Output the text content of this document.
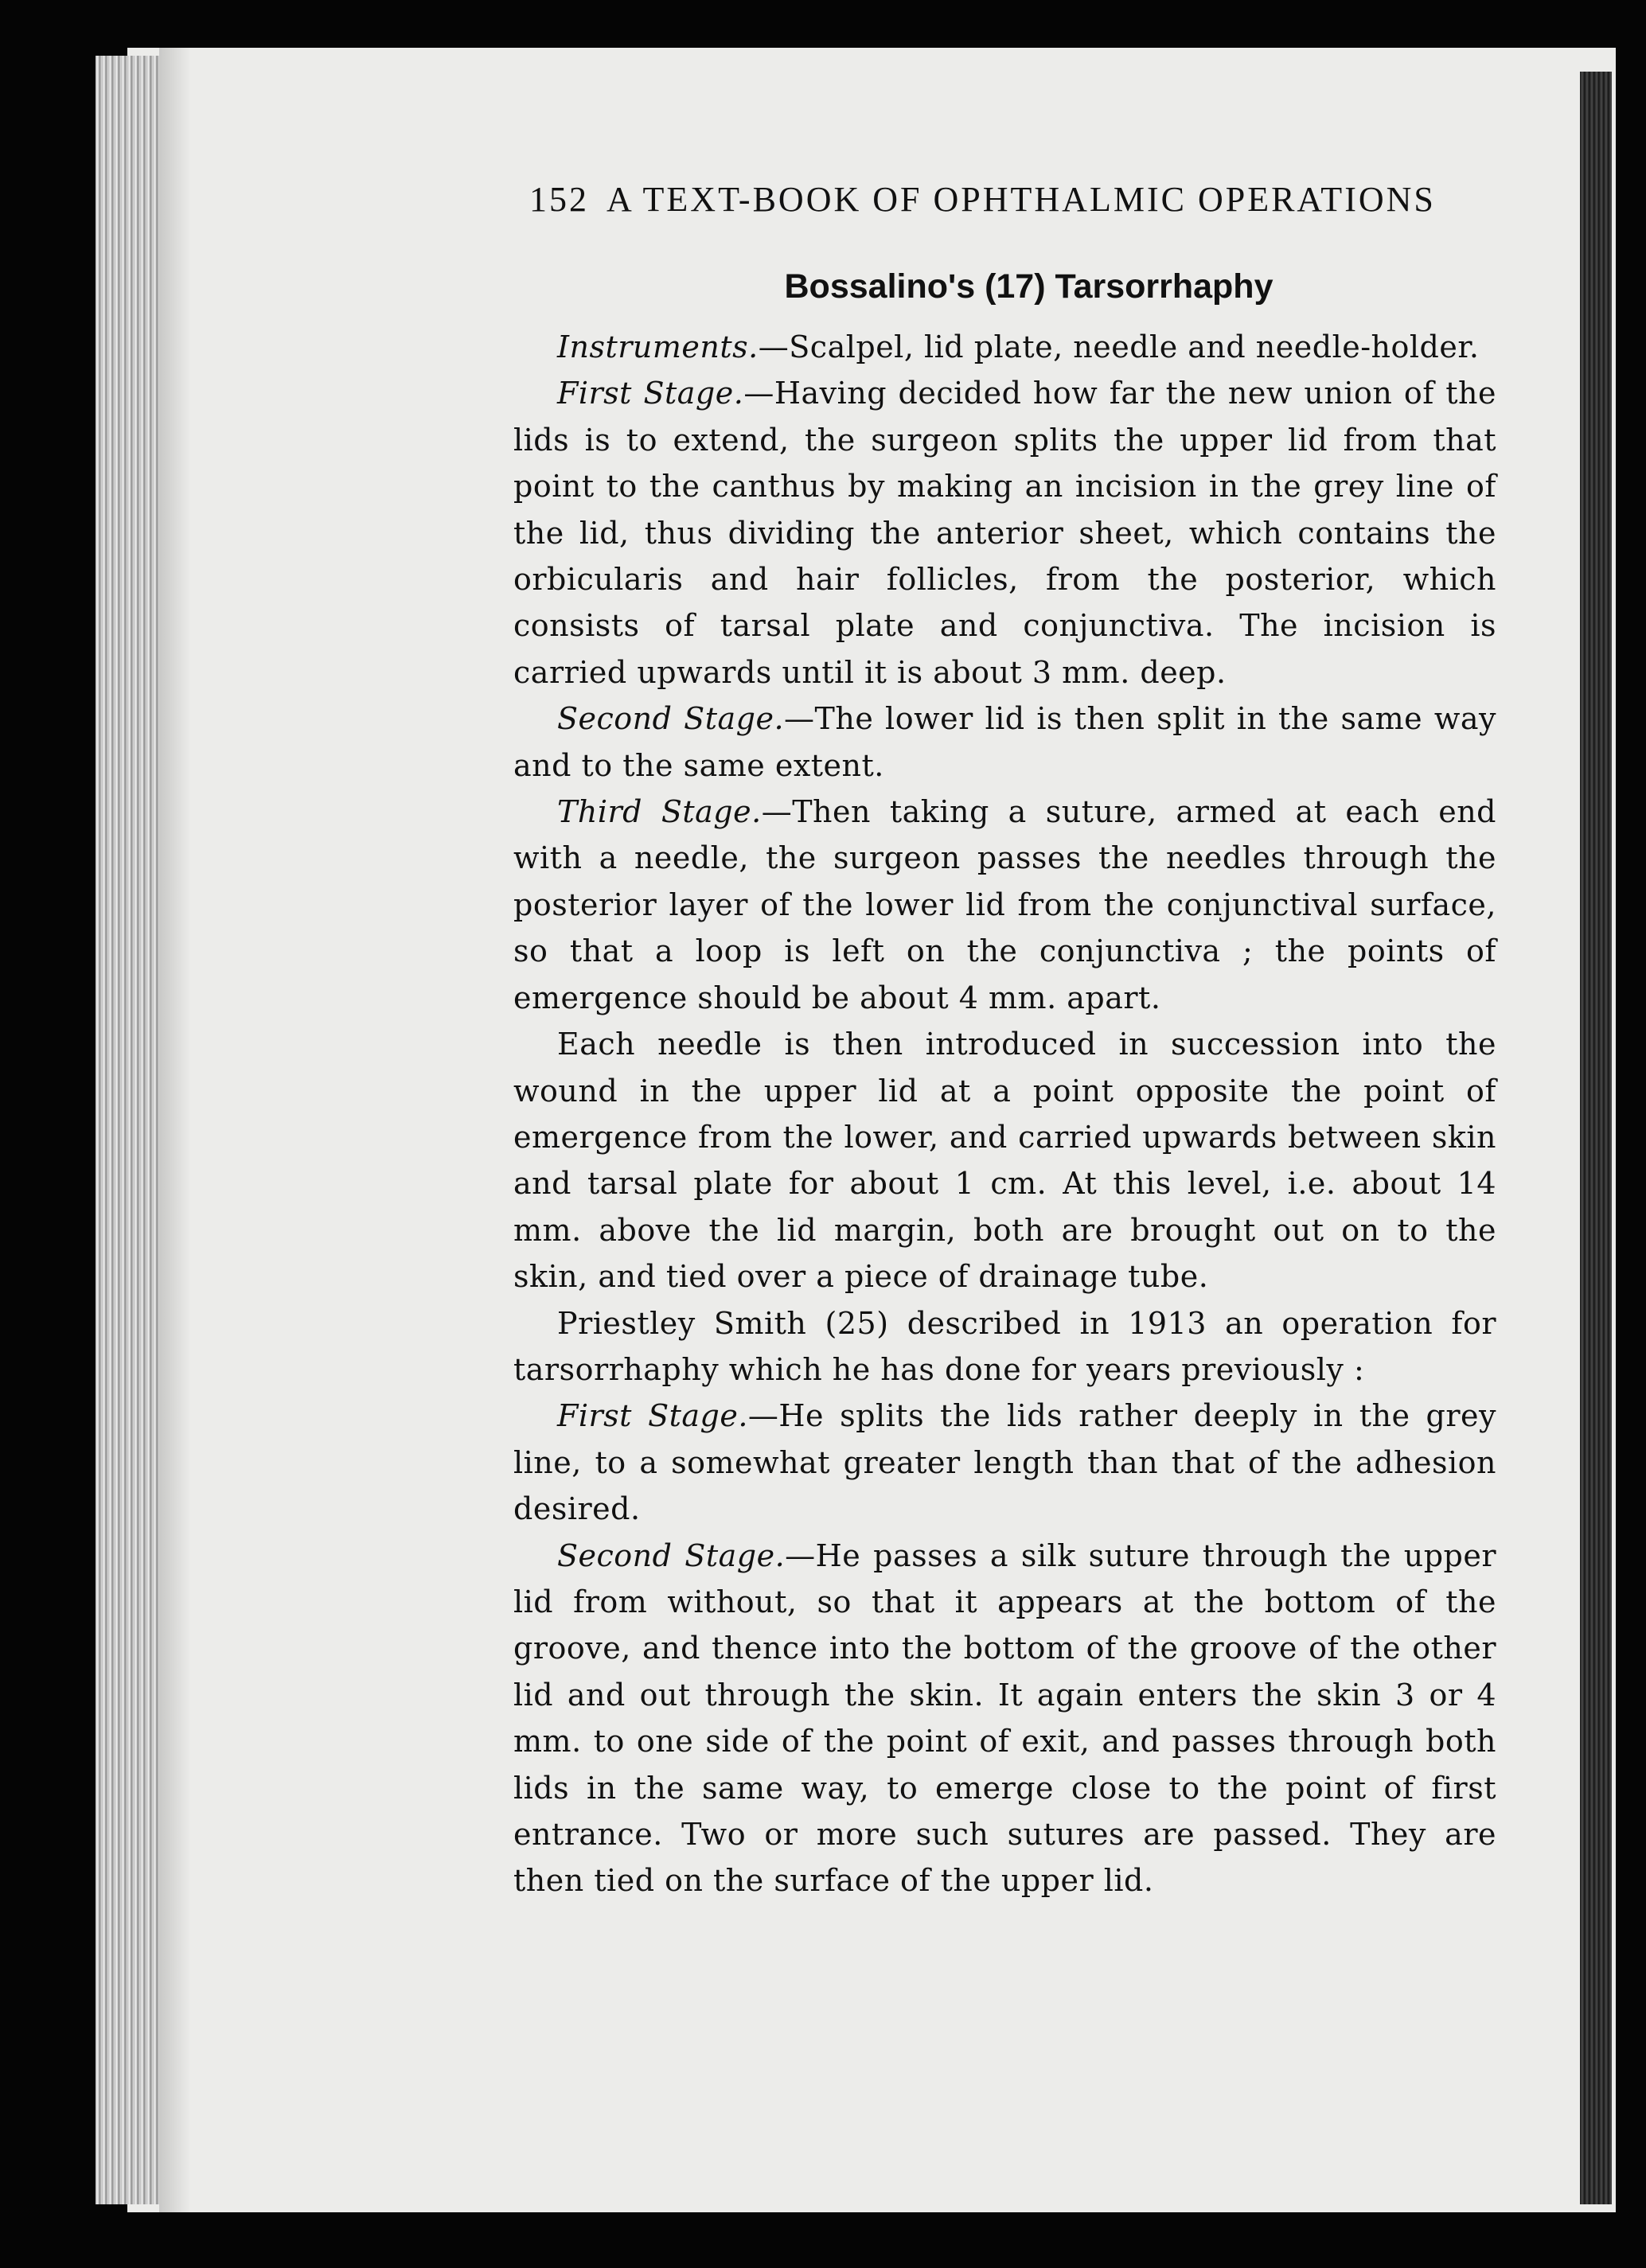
152 A TEXT-BOOK OF OPHTHALMIC OPERATIONS
Bossalino's (17) Tarsorrhaphy

Instruments.—Scalpel, lid plate, needle and needle-holder.

First Stage.—Having decided how far the new union of the lids is to extend, the surgeon splits the upper lid from that point to the canthus by making an incision in the grey line of the lid, thus dividing the anterior sheet, which contains the orbicularis and hair follicles, from the posterior, which consists of tarsal plate and conjunctiva. The incision is carried upwards until it is about 3 mm. deep.

Second Stage.—The lower lid is then split in the same way and to the same extent.

Third Stage.—Then taking a suture, armed at each end with a needle, the surgeon passes the needles through the posterior layer of the lower lid from the conjunctival surface, so that a loop is left on the conjunctiva ; the points of emergence should be about 4 mm. apart.

Each needle is then introduced in succession into the wound in the upper lid at a point opposite the point of emergence from the lower, and carried upwards between skin and tarsal plate for about 1 cm. At this level, i.e. about 14 mm. above the lid margin, both are brought out on to the skin, and tied over a piece of drainage tube.

Priestley Smith (25) described in 1913 an operation for tarsorrhaphy which he has done for years previously :

First Stage.—He splits the lids rather deeply in the grey line, to a somewhat greater length than that of the adhesion desired.

Second Stage.—He passes a silk suture through the upper lid from without, so that it appears at the bottom of the groove, and thence into the bottom of the groove of the other lid and out through the skin. It again enters the skin 3 or 4 mm. to one side of the point of exit, and passes through both lids in the same way, to emerge close to the point of first entrance. Two or more such sutures are passed. They are then tied on the surface of the upper lid.
